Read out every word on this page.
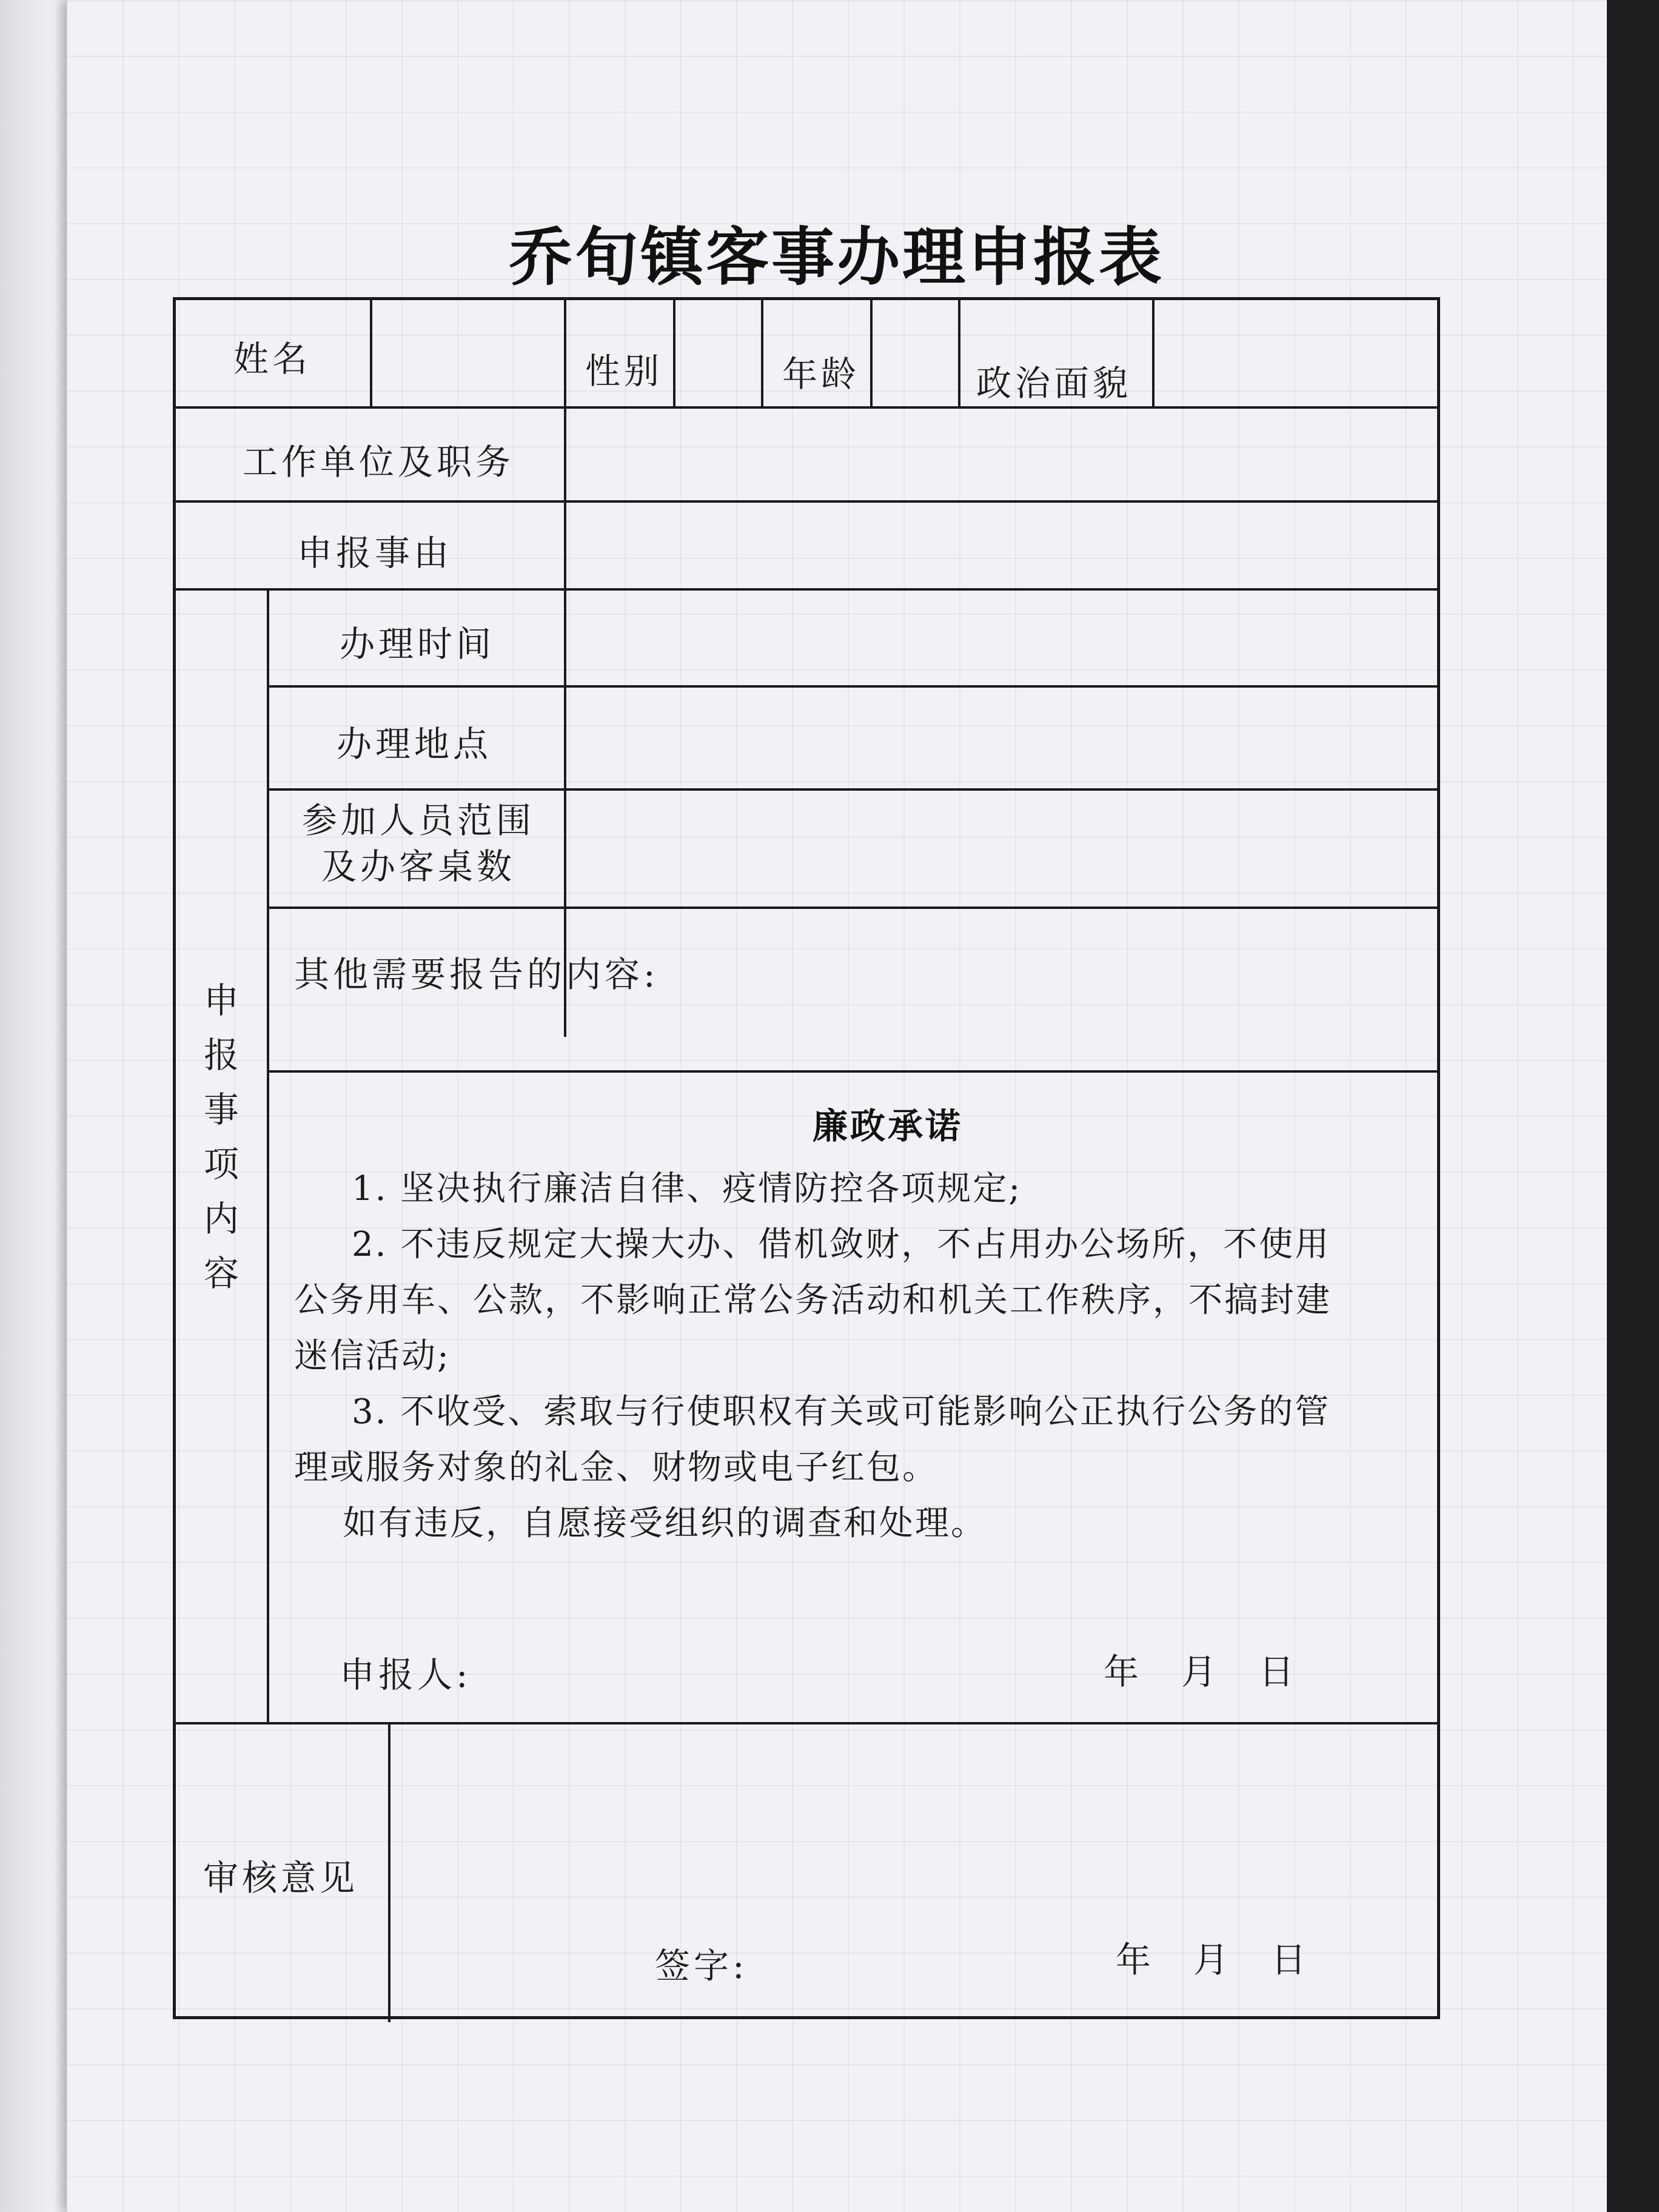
乔旬镇客事办理申报表
姓名	性别	年龄	政治面貌
工作单位及职务
申报事由
申报事项内容
办理时间
办理地点
参加人员范围
及办客桌数
其他需要报告的内容:
廉政承诺
1. 坚决执行廉洁自律、疫情防控各项规定;
2. 不违反规定大操大办、借机敛财，不占用办公场所，不使用
公务用车、公款，不影响正常公务活动和机关工作秩序，不搞封建
迷信活动;
3. 不收受、索取与行使职权有关或可能影响公正执行公务的管
理或服务对象的礼金、财物或电子红包。
如有违反，自愿接受组织的调查和处理。
申报人:	年　月　日
审核意见
签字:	年　月　日
